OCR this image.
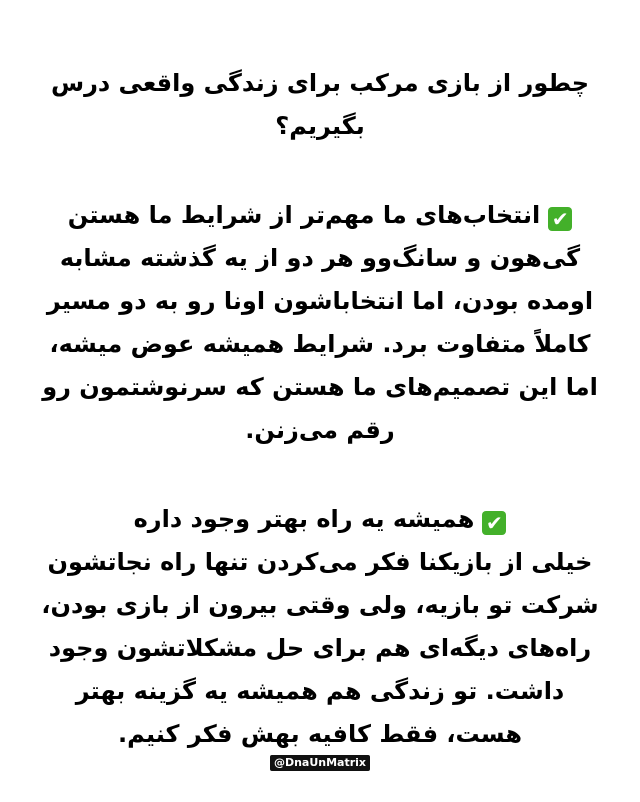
چطور از بازی مرکب برای زندگی واقعی درس بگیریم؟
✔انتخاب‌های ما مهم‌تر از شرایط ما هستن
گی‌هون و سانگ‌وو هر دو از یه گذشته مشابه اومده بودن، اما انتخاباشون اونا رو به دو مسیر کاملاً متفاوت برد. شرایط همیشه عوض میشه، اما این تصمیم‌های ما هستن که سرنوشتمون رو رقم می‌زنن.
✔همیشه یه راه بهتر وجود داره
خیلی از بازیکنا فکر می‌کردن تنها راه نجاتشون شرکت تو بازیه، ولی وقتی بیرون از بازی بودن، راه‌های دیگه‌ای هم برای حل مشکلاتشون وجود داشت. تو زندگی هم همیشه یه گزینه بهتر هست، فقط کافیه بهش فکر کنیم.
@DnaUnMatrix
